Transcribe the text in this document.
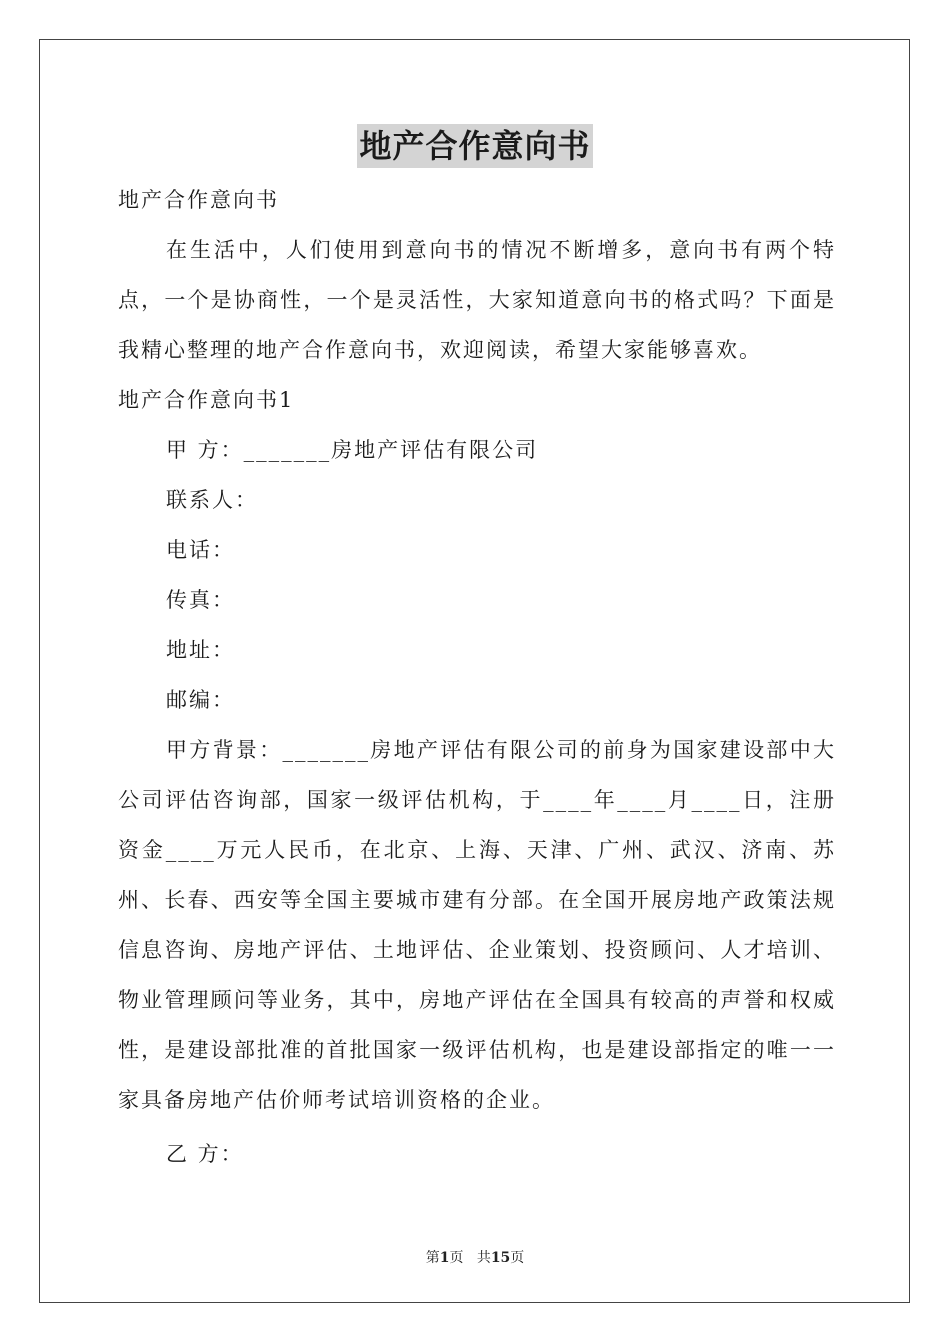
地产合作意向书

地产合作意向书

在生活中，人们使用到意向书的情况不断增多，意向书有两个特点，一个是协商性，一个是灵活性，大家知道意向书的格式吗？下面是我精心整理的地产合作意向书，欢迎阅读，希望大家能够喜欢。

地产合作意向书1

甲 方：_______房地产评估有限公司

联系人：

电话：

传真：

地址：

邮编：

甲方背景：_______房地产评估有限公司的前身为国家建设部中大公司评估咨询部，国家一级评估机构，于____年____月____日，注册资金____万元人民币，在北京、上海、天津、广州、武汉、济南、苏州、长春、西安等全国主要城市建有分部。在全国开展房地产政策法规信息咨询、房地产评估、土地评估、企业策划、投资顾问、人才培训、物业管理顾问等业务，其中，房地产评估在全国具有较高的声誉和权威性，是建设部批准的首批国家一级评估机构，也是建设部指定的唯一一家具备房地产估价师考试培训资格的企业。

乙 方：

第1页 共15页
